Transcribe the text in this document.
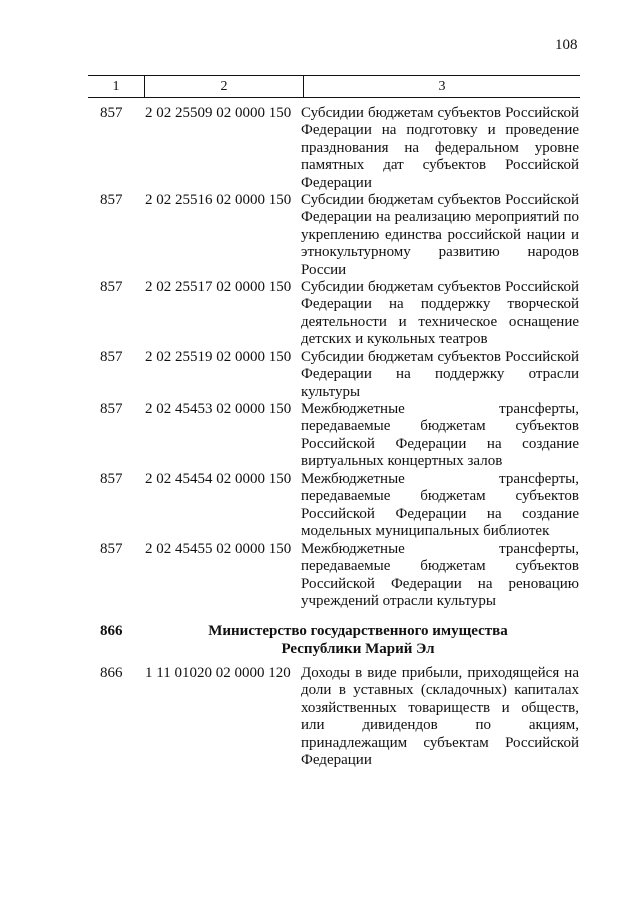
108
1	2	3
857 2 02 25509 02 0000 150 Субсидии бюджетам субъектов Российской Федерации на подготовку и проведение празднования на федеральном уровне памятных дат субъектов Российской Федерации
857 2 02 25516 02 0000 150 Субсидии бюджетам субъектов Российской Федерации на реализацию мероприятий по укреплению единства российской нации и этнокультурному развитию народов России
857 2 02 25517 02 0000 150 Субсидии бюджетам субъектов Российской Федерации на поддержку творческой деятельности и техническое оснащение детских и кукольных театров
857 2 02 25519 02 0000 150 Субсидии бюджетам субъектов Российской Федерации на поддержку отрасли культуры
857 2 02 45453 02 0000 150 Межбюджетные трансферты, передаваемые бюджетам субъектов Российской Федерации на создание виртуальных концертных залов
857 2 02 45454 02 0000 150 Межбюджетные трансферты, передаваемые бюджетам субъектов Российской Федерации на создание модельных муниципальных библиотек
857 2 02 45455 02 0000 150 Межбюджетные трансферты, передаваемые бюджетам субъектов Российской Федерации на реновацию учреждений отрасли культуры
866	Министерство государственного имущества Республики Марий Эл
866 1 11 01020 02 0000 120 Доходы в виде прибыли, приходящейся на доли в уставных (складочных) капиталах хозяйственных товариществ и обществ, или дивидендов по акциям, принадлежащим субъектам Российской Федерации
